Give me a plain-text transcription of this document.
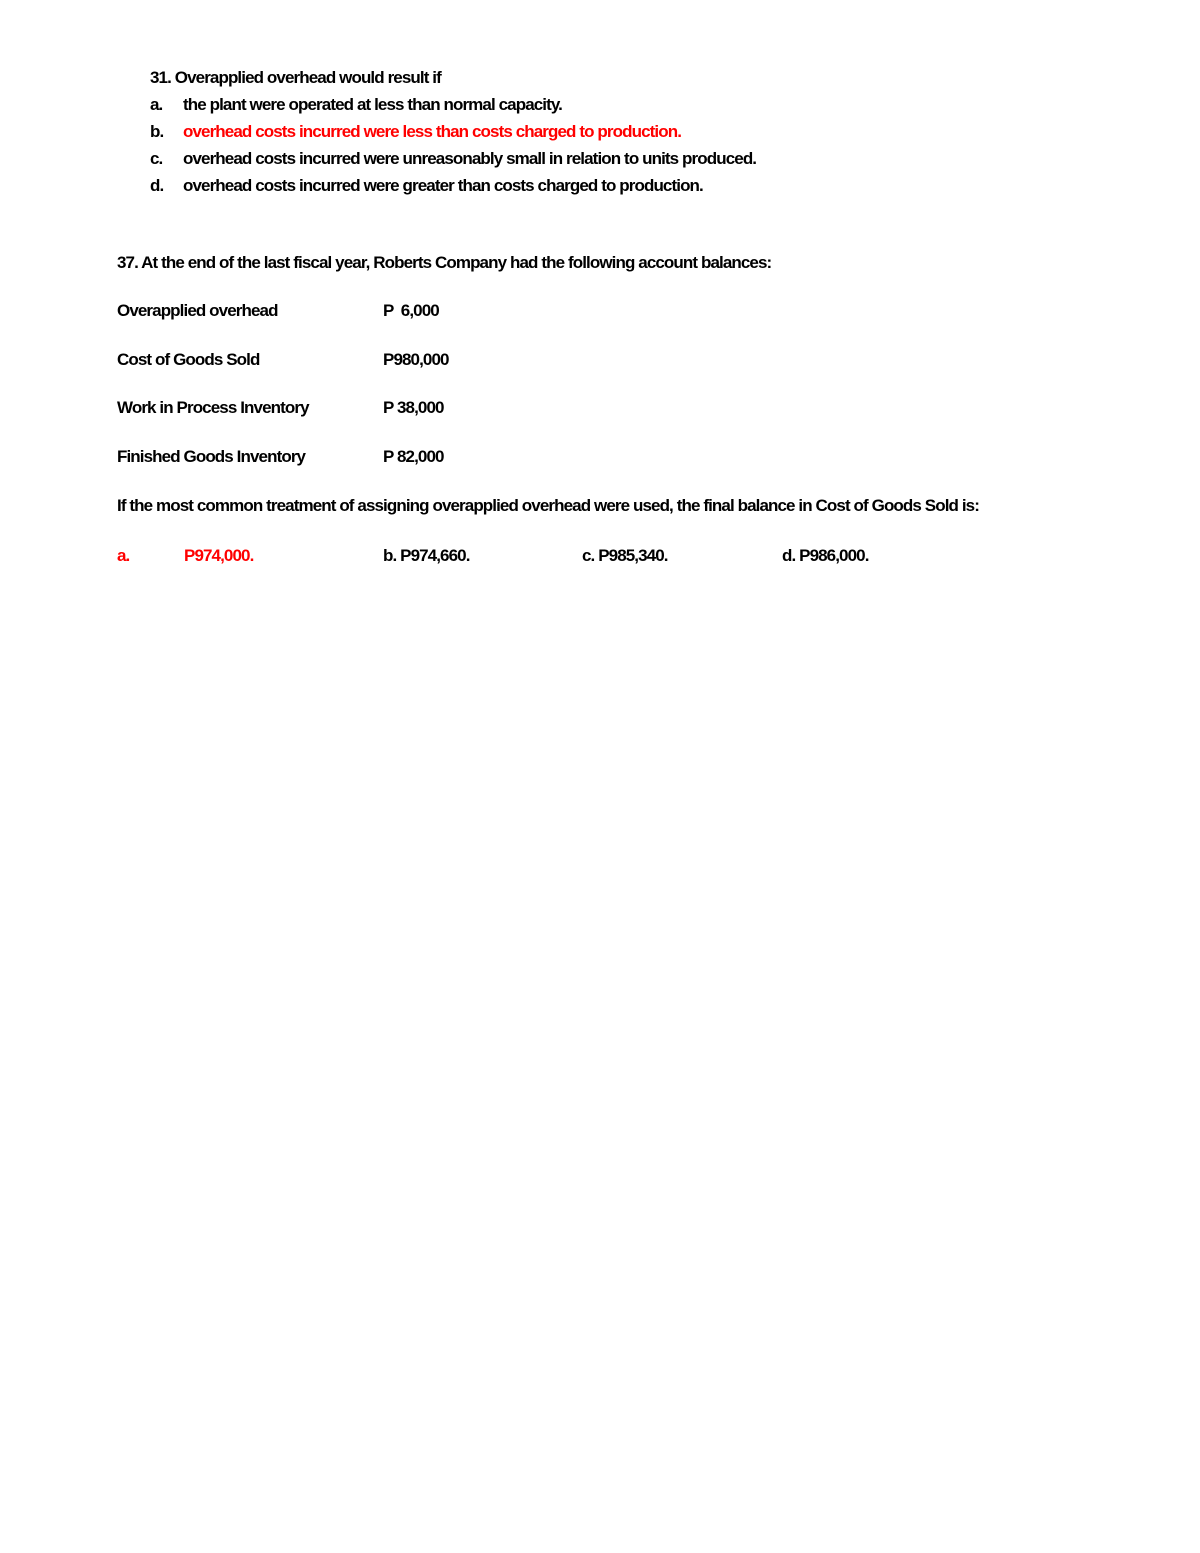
31. Overapplied overhead would result if
a. the plant were operated at less than normal capacity.
b. overhead costs incurred were less than costs charged to production.
c. overhead costs incurred were unreasonably small in relation to units produced.
d. overhead costs incurred were greater than costs charged to production.
37. At the end of the last fiscal year, Roberts Company had the following account balances:
Overapplied overhead	P  6,000
Cost of Goods Sold	P980,000
Work in Process Inventory	P 38,000
Finished Goods Inventory	P 82,000
If the most common treatment of assigning overapplied overhead were used, the final balance in Cost of Goods Sold is:
a.	P974,000.	b. P974,660.	c. P985,340.	d. P986,000.
